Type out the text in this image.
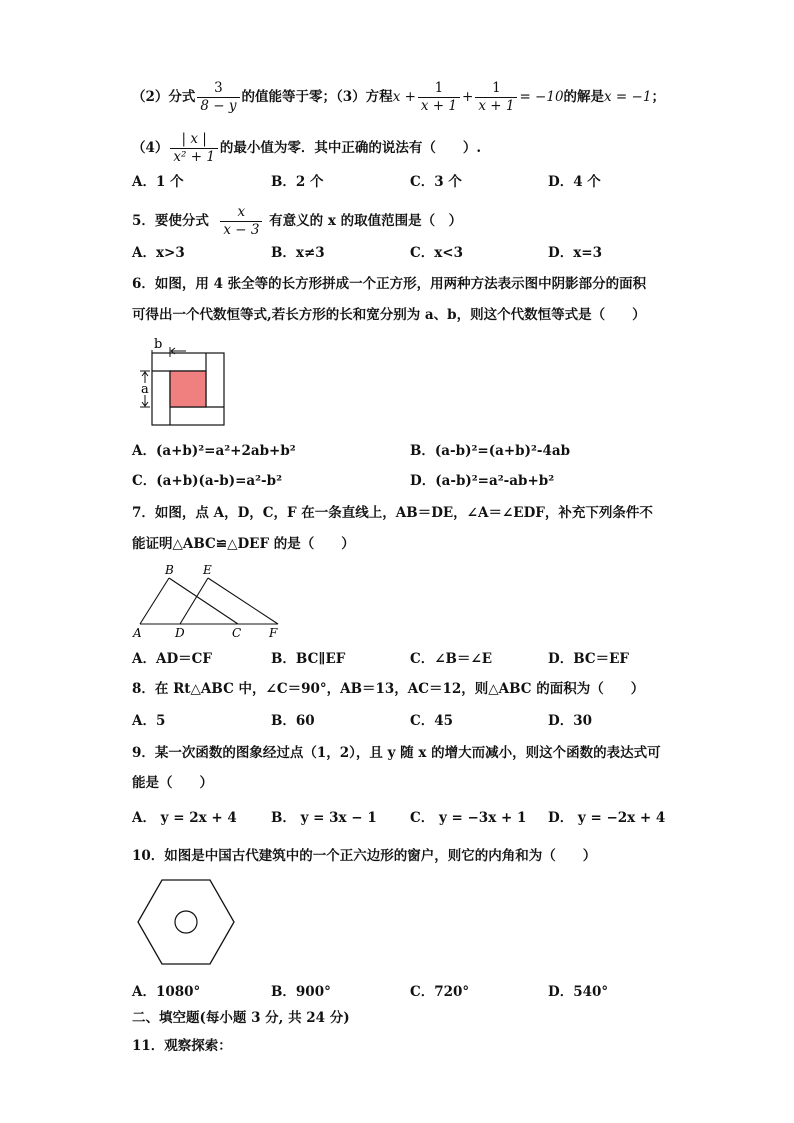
（2）分式 $\frac{3}{8 - y}$ 的值能等于零；（3）方程$x + \frac{1}{x + 1} + \frac{1}{x + 1} = -10$的解是x = −1；
$(4) \frac{| x |}{\text{x² + 1}}$ 的最小值为零．其中正确的说法有（　　）.
A．1 个	B．2 个	C．3 个	D．4 个
5．要使分式 $\frac{x}{x - 3}$ 有意义的 x 的取值范围是（　）
A．x>3	B．x≠3	C．x<3	D．x=3
6．如图，用 4 张全等的长方形拼成一个正方形，用两种方法表示图中阴影部分的面积
可得出一个代数恒等式,若长方形的长和宽分别为 a、b，则这个代数恒等式是（　　）
b
a
A．(a+b)²=a²+2ab+b²	B．(a-b)²=(a+b)²-4ab
C．(a+b)(a-b)=a²-b²	D．(a-b)²=a²-ab+b²
7．如图，点 A，D，C，F 在一条直线上，AB＝DE，∠A＝∠EDF，补充下列条件不
能证明△ABC≌△DEF 的是（　　）
B E
A	D	C F
A．AD＝CF	B．BC∥EF	C．∠B＝∠E	D．BC＝EF
8．在 Rt△ABC 中，∠C＝90°，AB＝13，AC＝12，则△ABC 的面积为（　　）
A．5	B．60	C．45	D．30
9．某一次函数的图象经过点（1，2），且 y 随 x 的增大而减小，则这个函数的表达式可
能是（　　）
A． y = 2x + 4	B． y = 3x − 1 C． y = −3x + 1 D． y = −2x + 4
10．如图是中国古代建筑中的一个正六边形的窗户，则它的内角和为（　　）
A．1080°	B．900°	C．720°	D．540°
二、填空题(每小题 3 分, 共 24 分)
11．观察探索：
